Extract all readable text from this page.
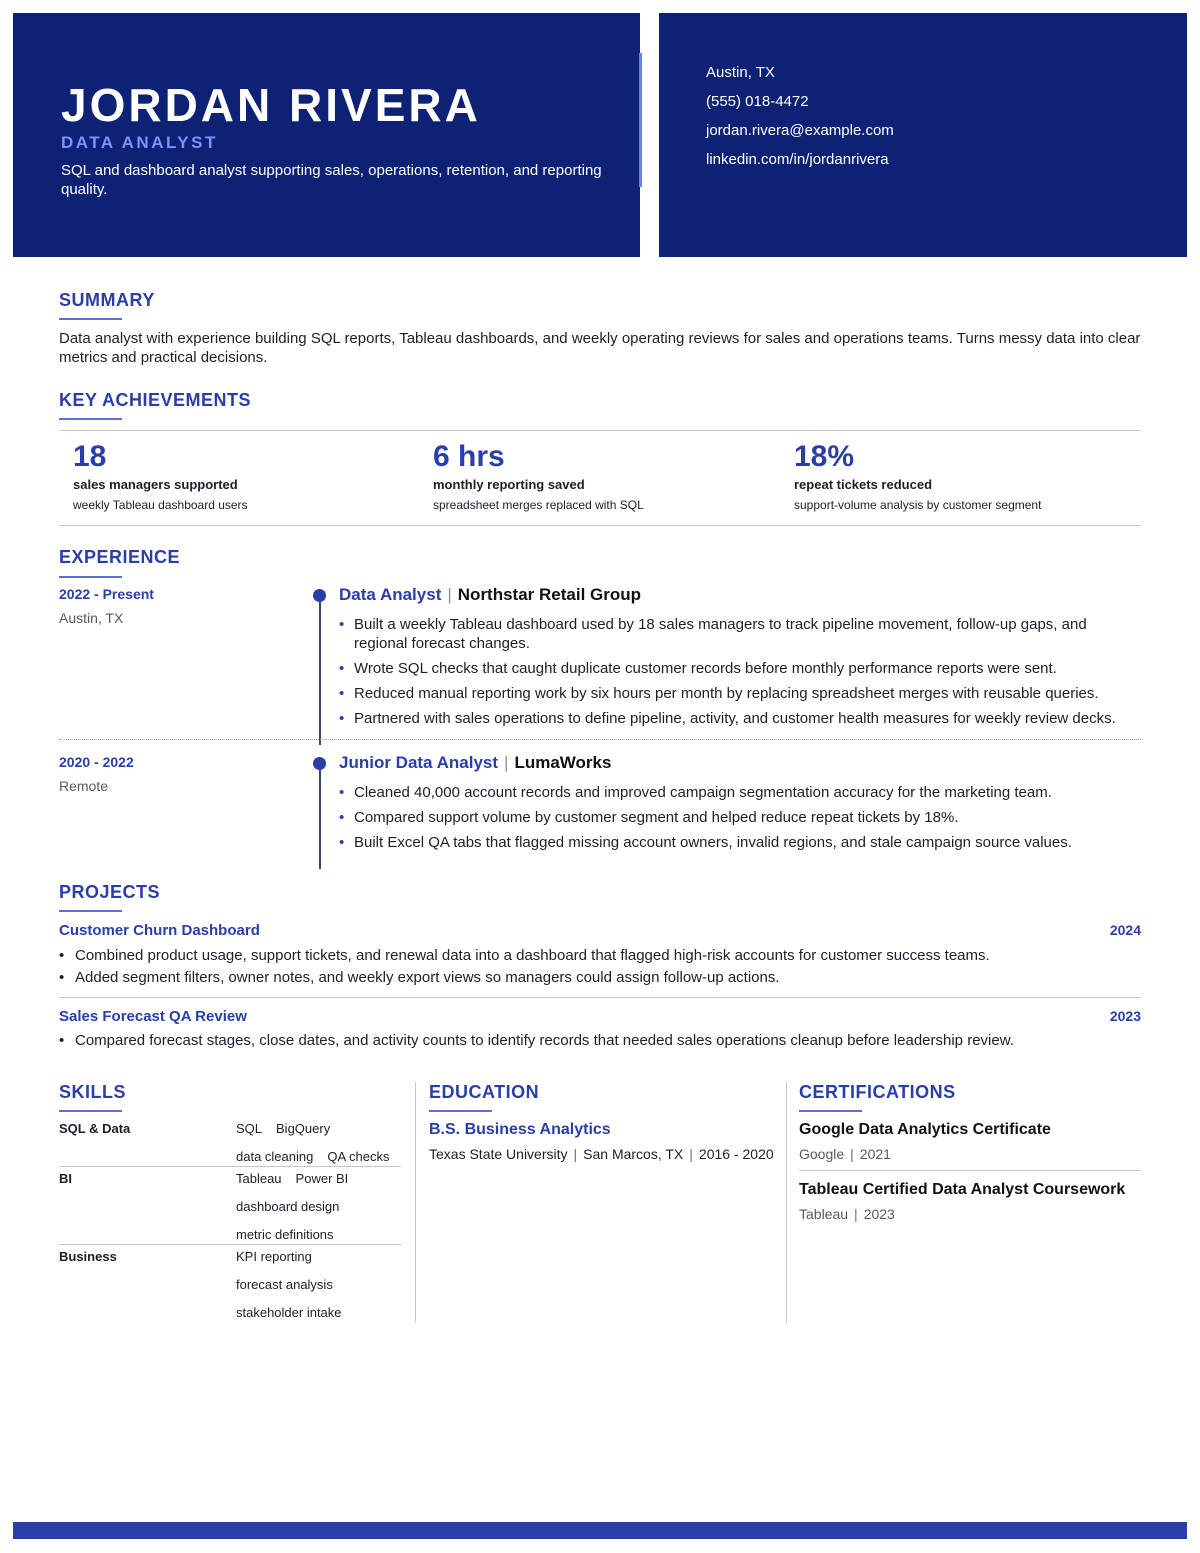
JORDAN RIVERA
DATA ANALYST
SQL and dashboard analyst supporting sales, operations, retention, and reporting quality.
Austin, TX
(555) 018-4472
jordan.rivera@example.com
linkedin.com/in/jordanrivera
SUMMARY
Data analyst with experience building SQL reports, Tableau dashboards, and weekly operating reviews for sales and operations teams. Turns messy data into clear metrics and practical decisions.
KEY ACHIEVEMENTS
18
sales managers supported
weekly Tableau dashboard users
6 hrs
monthly reporting saved
spreadsheet merges replaced with SQL
18%
repeat tickets reduced
support-volume analysis by customer segment
EXPERIENCE
2022 - Present
Austin, TX
Data Analyst | Northstar Retail Group
• Built a weekly Tableau dashboard used by 18 sales managers to track pipeline movement, follow-up gaps, and regional forecast changes.
• Wrote SQL checks that caught duplicate customer records before monthly performance reports were sent.
• Reduced manual reporting work by six hours per month by replacing spreadsheet merges with reusable queries.
• Partnered with sales operations to define pipeline, activity, and customer health measures for weekly review decks.
2020 - 2022
Remote
Junior Data Analyst | LumaWorks
• Cleaned 40,000 account records and improved campaign segmentation accuracy for the marketing team.
• Compared support volume by customer segment and helped reduce repeat tickets by 18%.
• Built Excel QA tabs that flagged missing account owners, invalid regions, and stale campaign source values.
PROJECTS
Customer Churn Dashboard	2024
• Combined product usage, support tickets, and renewal data into a dashboard that flagged high-risk accounts for customer success teams.
• Added segment filters, owner notes, and weekly export views so managers could assign follow-up actions.
Sales Forecast QA Review	2023
• Compared forecast stages, close dates, and activity counts to identify records that needed sales operations cleanup before leadership review.
SKILLS
SQL & Data	SQL BigQuery
data cleaning QA checks
BI	Tableau Power BI
dashboard design
metric definitions
Business	KPI reporting
forecast analysis
stakeholder intake
EDUCATION
B.S. Business Analytics
Texas State University | San Marcos, TX | 2016 - 2020
CERTIFICATIONS
Google Data Analytics Certificate
Google | 2021
Tableau Certified Data Analyst Coursework
Tableau | 2023
